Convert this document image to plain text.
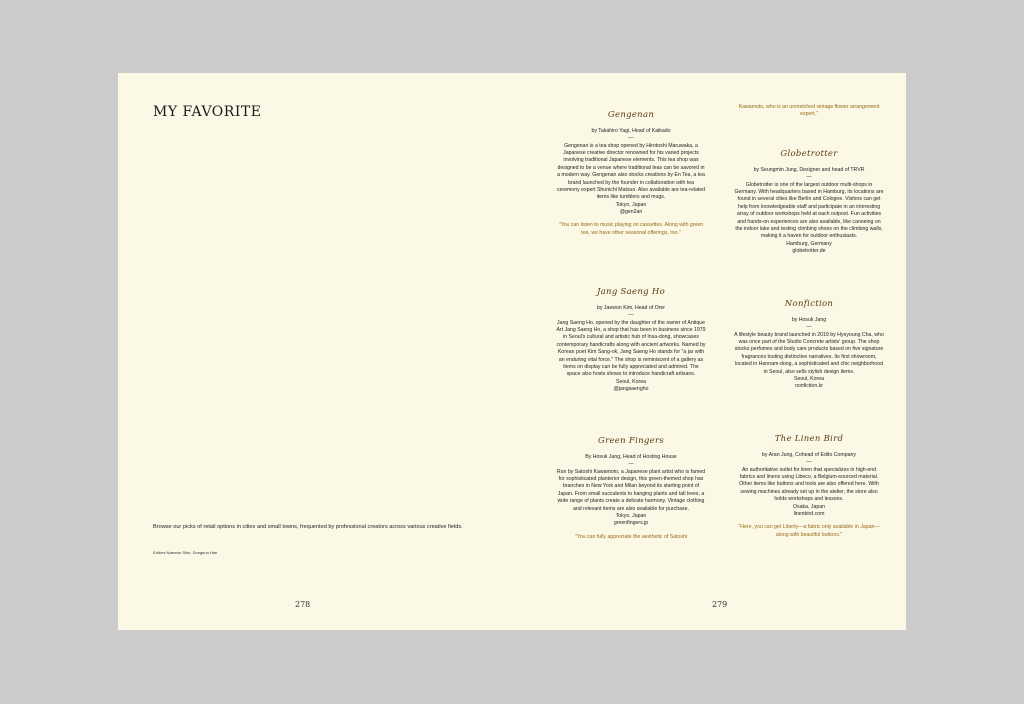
MY FAVORITE
Browse our picks of retail options in cities and small towns, frequented by professional creators across various creative fields.
Editors Naewon Shin, Dongeun Han
278
Gengenan
by Takahiro Yagi, Head of Kaikado
—
Gengenan is a tea shop opened by Hirotoshi Maruwaka, a Japanese creative director renowned for his varied projects involving traditional Japanese elements. This tea shop was designed to be a venue where traditional teas can be savored in a modern way. Gengenan also stocks creations by En Tea, a tea brand launched by the founder in collaboration with tea ceremony expert Shunichi Matsuo. Also available are tea-related items like tumblers and mugs.
Tokyo, Japan
@gen2an
"You can listen to music playing on cassettes. Along with green tea, we have other seasonal offerings, too."
Jang Saeng Ho
by Jaewon Kim, Head of Orer
—
Jang Saeng Ho, opened by the daughter of the owner of Antique Art Jang Saeng Ho, a shop that has been in business since 1979 in Seoul's cultural and artistic hub of Insa-dong, showcases contemporary handicrafts along with ancient artworks. Named by Korean poet Kim Sang-ok, Jang Saeng Ho stands for "a jar with an enduring vital force." The shop is reminiscent of a gallery as items on display can be fully appreciated and admired. The space also hosts shows to introduce handicraft artisans.
Seoul, Korea
@jangsaengho
Green Fingers
By Hosuk Jang, Head of Hosting House
—
Run by Satoshi Kawamoto, a Japanese plant artist who is famed for sophisticated planterior design, this green-themed shop has branches in New York and Milan beyond its starting point of Japan. From small succulents to hanging plants and tall trees, a wide range of plants create a delicate harmony. Vintage clothing and relevant items are also available for purchase.
Tokyo, Japan
greenfingers.jp
"You can fully appreciate the aesthetic of Satoshi
Kawamoto, who is an unmatched vintage flower arrangement expert."
Globetrotter
by Seungmin Jung, Designer and head of TRVR
—
Globetrotter is one of the largest outdoor multi-shops in Germany. With headquarters based in Hamburg, its locations are found in several cities like Berlin and Cologne. Visitors can get help from knowledgeable staff and participate in an interesting array of outdoor workshops held at each outpost. Fun activities and hands-on experiences are also available, like canoeing on the indoor lake and testing climbing shoes on the climbing walls, making it a haven for outdoor enthusiasts.
Hamburg, Germany
globetrotter.de
Nonfiction
by Hosuk Jang
—
A lifestyle beauty brand launched in 2019 by Hyeyoung Cha, who was once part of the Studio Concrete artists' group. The shop stocks perfumes and body care products based on five signature fragrances touting distinctive narratives. Its first showroom, located in Hannam-dong, a sophisticated and chic neighborhood in Seoul, also sells stylish design items.
Seoul, Korea
nonfiction.kr
The Linen Bird
by Aran Jung, Cohead of Edito Company
—
An authoritative outlet for linen that specializes in high-end fabrics and linens using Libeco, a Belgium-sourced material. Other items like buttons and tools are also offered here. With sewing machines already set up in the atelier, the store also holds workshops and lessons.
Osaka, Japan
linenbird.com
"Here, you can get Liberty—a fabric only available in Japan—along with beautiful buttons."
279
